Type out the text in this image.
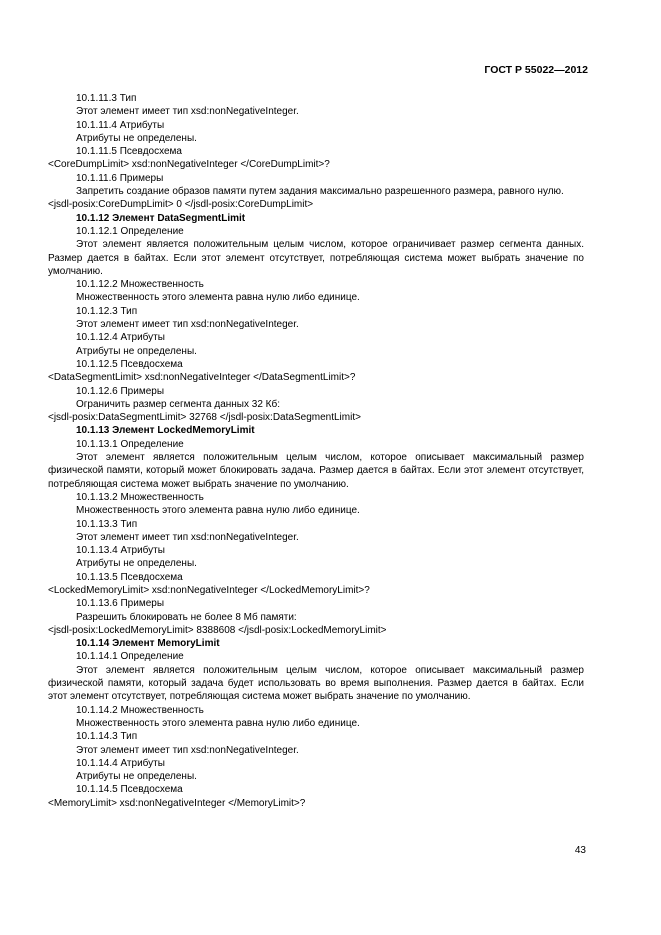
ГОСТ Р 55022—2012
10.1.11.3 Тип
Этот элемент имеет тип xsd:nonNegativeInteger.
10.1.11.4 Атрибуты
Атрибуты не определены.
10.1.11.5 Псевдосхема
<CoreDumpLimit> xsd:nonNegativeInteger </CoreDumpLimit>?
10.1.11.6 Примеры
Запретить создание образов памяти путем задания максимально разрешенного размера, равного нулю.
<jsdl-posix:CoreDumpLimit> 0 </jsdl-posix:CoreDumpLimit>
10.1.12 Элемент DataSegmentLimit
10.1.12.1 Определение
Этот элемент является положительным целым числом, которое ограничивает размер сегмента данных. Размер дается в байтах. Если этот элемент отсутствует, потребляющая система может выбрать значение по умолчанию.
10.1.12.2 Множественность
Множественность этого элемента равна нулю либо единице.
10.1.12.3 Тип
Этот элемент имеет тип xsd:nonNegativeInteger.
10.1.12.4 Атрибуты
Атрибуты не определены.
10.1.12.5 Псевдосхема
<DataSegmentLimit> xsd:nonNegativeInteger </DataSegmentLimit>?
10.1.12.6 Примеры
Ограничить размер сегмента данных 32 Кб:
<jsdl-posix:DataSegmentLimit> 32768 </jsdl-posix:DataSegmentLimit>
10.1.13 Элемент LockedMemoryLimit
10.1.13.1 Определение
Этот элемент является положительным целым числом, которое описывает максимальный размер физической памяти, который может блокировать задача. Размер дается в байтах. Если этот элемент отсутствует, потребляющая система может выбрать значение по умолчанию.
10.1.13.2 Множественность
Множественность этого элемента равна нулю либо единице.
10.1.13.3 Тип
Этот элемент имеет тип xsd:nonNegativeInteger.
10.1.13.4 Атрибуты
Атрибуты не определены.
10.1.13.5 Псевдосхема
<LockedMemoryLimit> xsd:nonNegativeInteger </LockedMemoryLimit>?
10.1.13.6 Примеры
Разрешить блокировать не более 8 Мб памяти:
<jsdl-posix:LockedMemoryLimit> 8388608 </jsdl-posix:LockedMemoryLimit>
10.1.14 Элемент MemoryLimit
10.1.14.1 Определение
Этот элемент является положительным целым числом, которое описывает максимальный размер физической памяти, который задача будет использовать во время выполнения. Размер дается в байтах. Если этот элемент отсутствует, потребляющая система может выбрать значение по умолчанию.
10.1.14.2 Множественность
Множественность этого элемента равна нулю либо единице.
10.1.14.3 Тип
Этот элемент имеет тип xsd:nonNegativeInteger.
10.1.14.4 Атрибуты
Атрибуты не определены.
10.1.14.5 Псевдосхема
<MemoryLimit> xsd:nonNegativeInteger </MemoryLimit>?
43
